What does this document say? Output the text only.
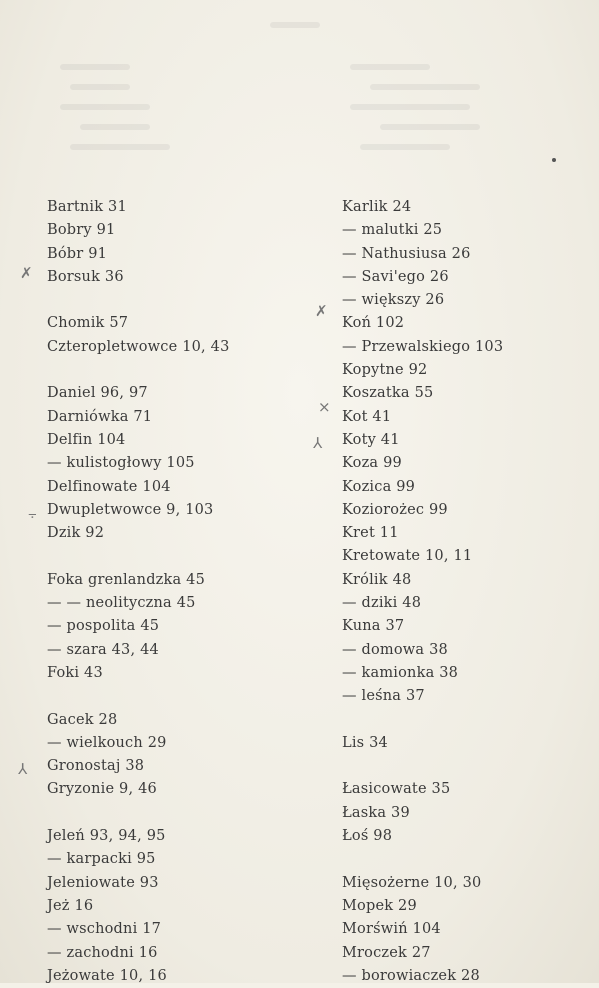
Bartnik 31
Bobry 91
Bóbr 91
Borsuk 36
Chomik 57
Czteropletwowce 10, 43
Daniel 96, 97
Darniówka 71
Delfin 104
— kulistogłowy 105
Delfinowate 104
Dwupletwowce 9, 103
Dzik 92
Foka grenlandzka 45
— — neolityczna 45
— pospolita 45
— szara 43, 44
Foki 43
Gacek 28
— wielkouch 29
Gronostaj 38
Gryzonie 9, 46
Jeleń 93, 94, 95
— karpacki 95
Jeleniowate 93
Jeż 16
— wschodni 17
— zachodni 16
Jeżowate 10, 16
Karlik 24
— malutki 25
— Nathusiusa 26
— Savi'ego 26
— większy 26
Koń 102
— Przewalskiego 103
Kopytne 92
Koszatka 55
Kot 41
Koty 41
Koza 99
Kozica 99
Koziorożec 99
Kret 11
Kretowate 10, 11
Królik 48
— dziki 48
Kuna 37
— domowa 38
— kamionka 38
— leśna 37
Lis 34
Łasicowate 35
Łaska 39
Łoś 98
Mięsożerne 10, 30
Mopek 29
Morświń 104
Mroczek 27
— borowiaczek 28
✗
✗
⨯
⅄
⨪
⅄
